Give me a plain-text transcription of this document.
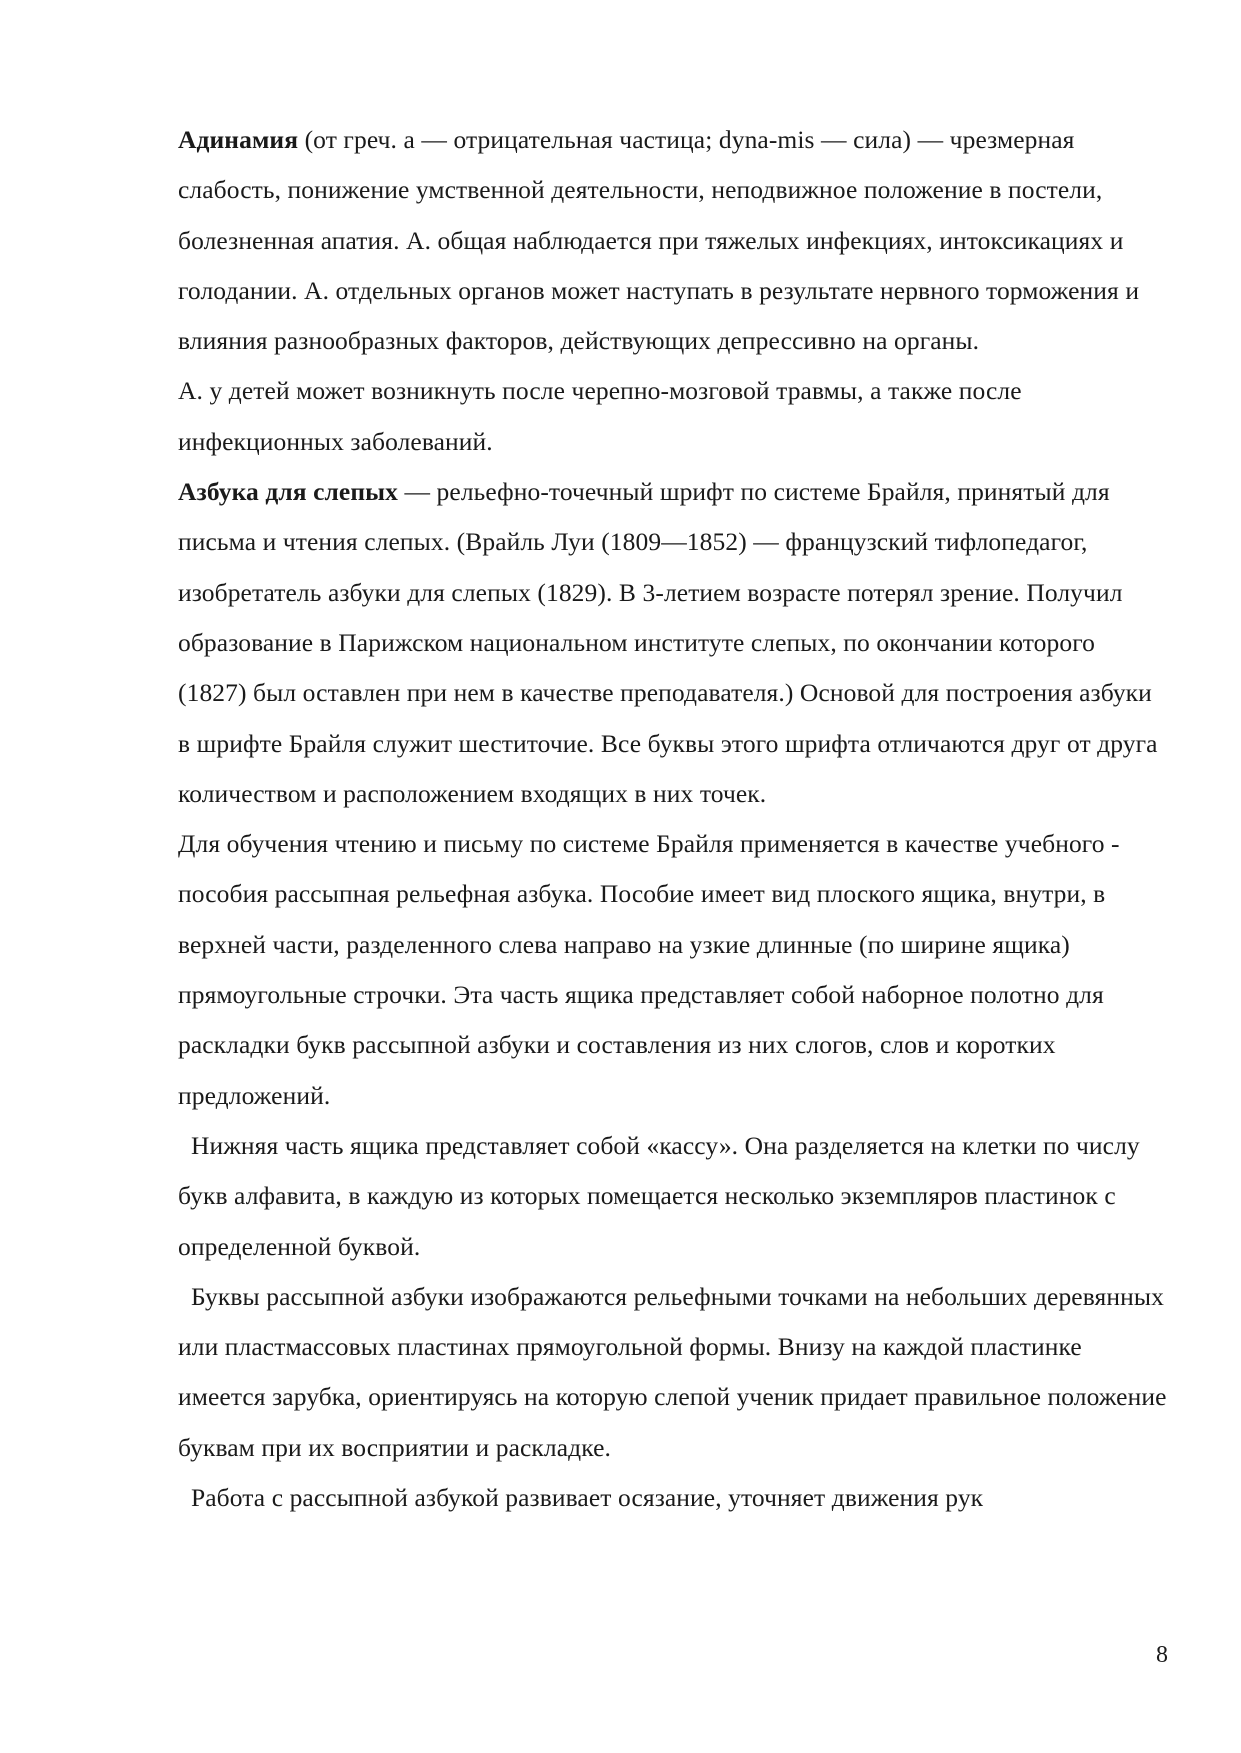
Адинамия (от греч. а — отрицательная частица; dyna-mis — сила) — чрезмерная слабость, понижение умственной деятельности, неподвижное положение в постели, болезненная апатия. А. общая наблюдается при тяжелых инфекциях, интоксикациях и голодании. А. отдельных органов может наступать в результате нервного торможения и влияния разнообразных факторов, действующих депрессивно на органы.

А. у детей может возникнуть после черепно-мозговой травмы, а также после инфекционных заболеваний.

Азбука для слепых — рельефно-точечный шрифт по системе Брайля, принятый для письма и чтения слепых. (Врайль Луи (1809—1852) — французский тифлопедагог, изобретатель азбуки для слепых (1829). В 3-летием возрасте потерял зрение. Получил образование в Парижском национальном институте слепых, по окончании которого (1827) был оставлен при нем в качестве преподавателя.) Основой для построения азбуки в шрифте Брайля служит шеститочие. Все буквы этого шрифта отличаются друг от друга количеством и расположением входящих в них точек.

Для обучения чтению и письму по системе Брайля применяется в качестве учебного - пособия рассыпная рельефная азбука. Пособие имеет вид плоского ящика, внутри, в верхней части, разделенного слева направо на узкие длинные (по ширине ящика) прямоугольные строчки. Эта часть ящика представляет собой наборное полотно для раскладки букв рассыпной азбуки и составления из них слогов, слов и коротких предложений.

Нижняя часть ящика представляет собой «кассу». Она разделяется на клетки по числу букв алфавита, в каждую из которых помещается несколько экземпляров пластинок с определенной буквой.

Буквы рассыпной азбуки изображаются рельефными точками на небольших деревянных или пластмассовых пластинах прямоугольной формы. Внизу на каждой пластинке имеется зарубка, ориентируясь на которую слепой ученик придает правильное положение буквам при их восприятии и раскладке.

Работа с рассыпной азбукой развивает осязание, уточняет движения рук

8
